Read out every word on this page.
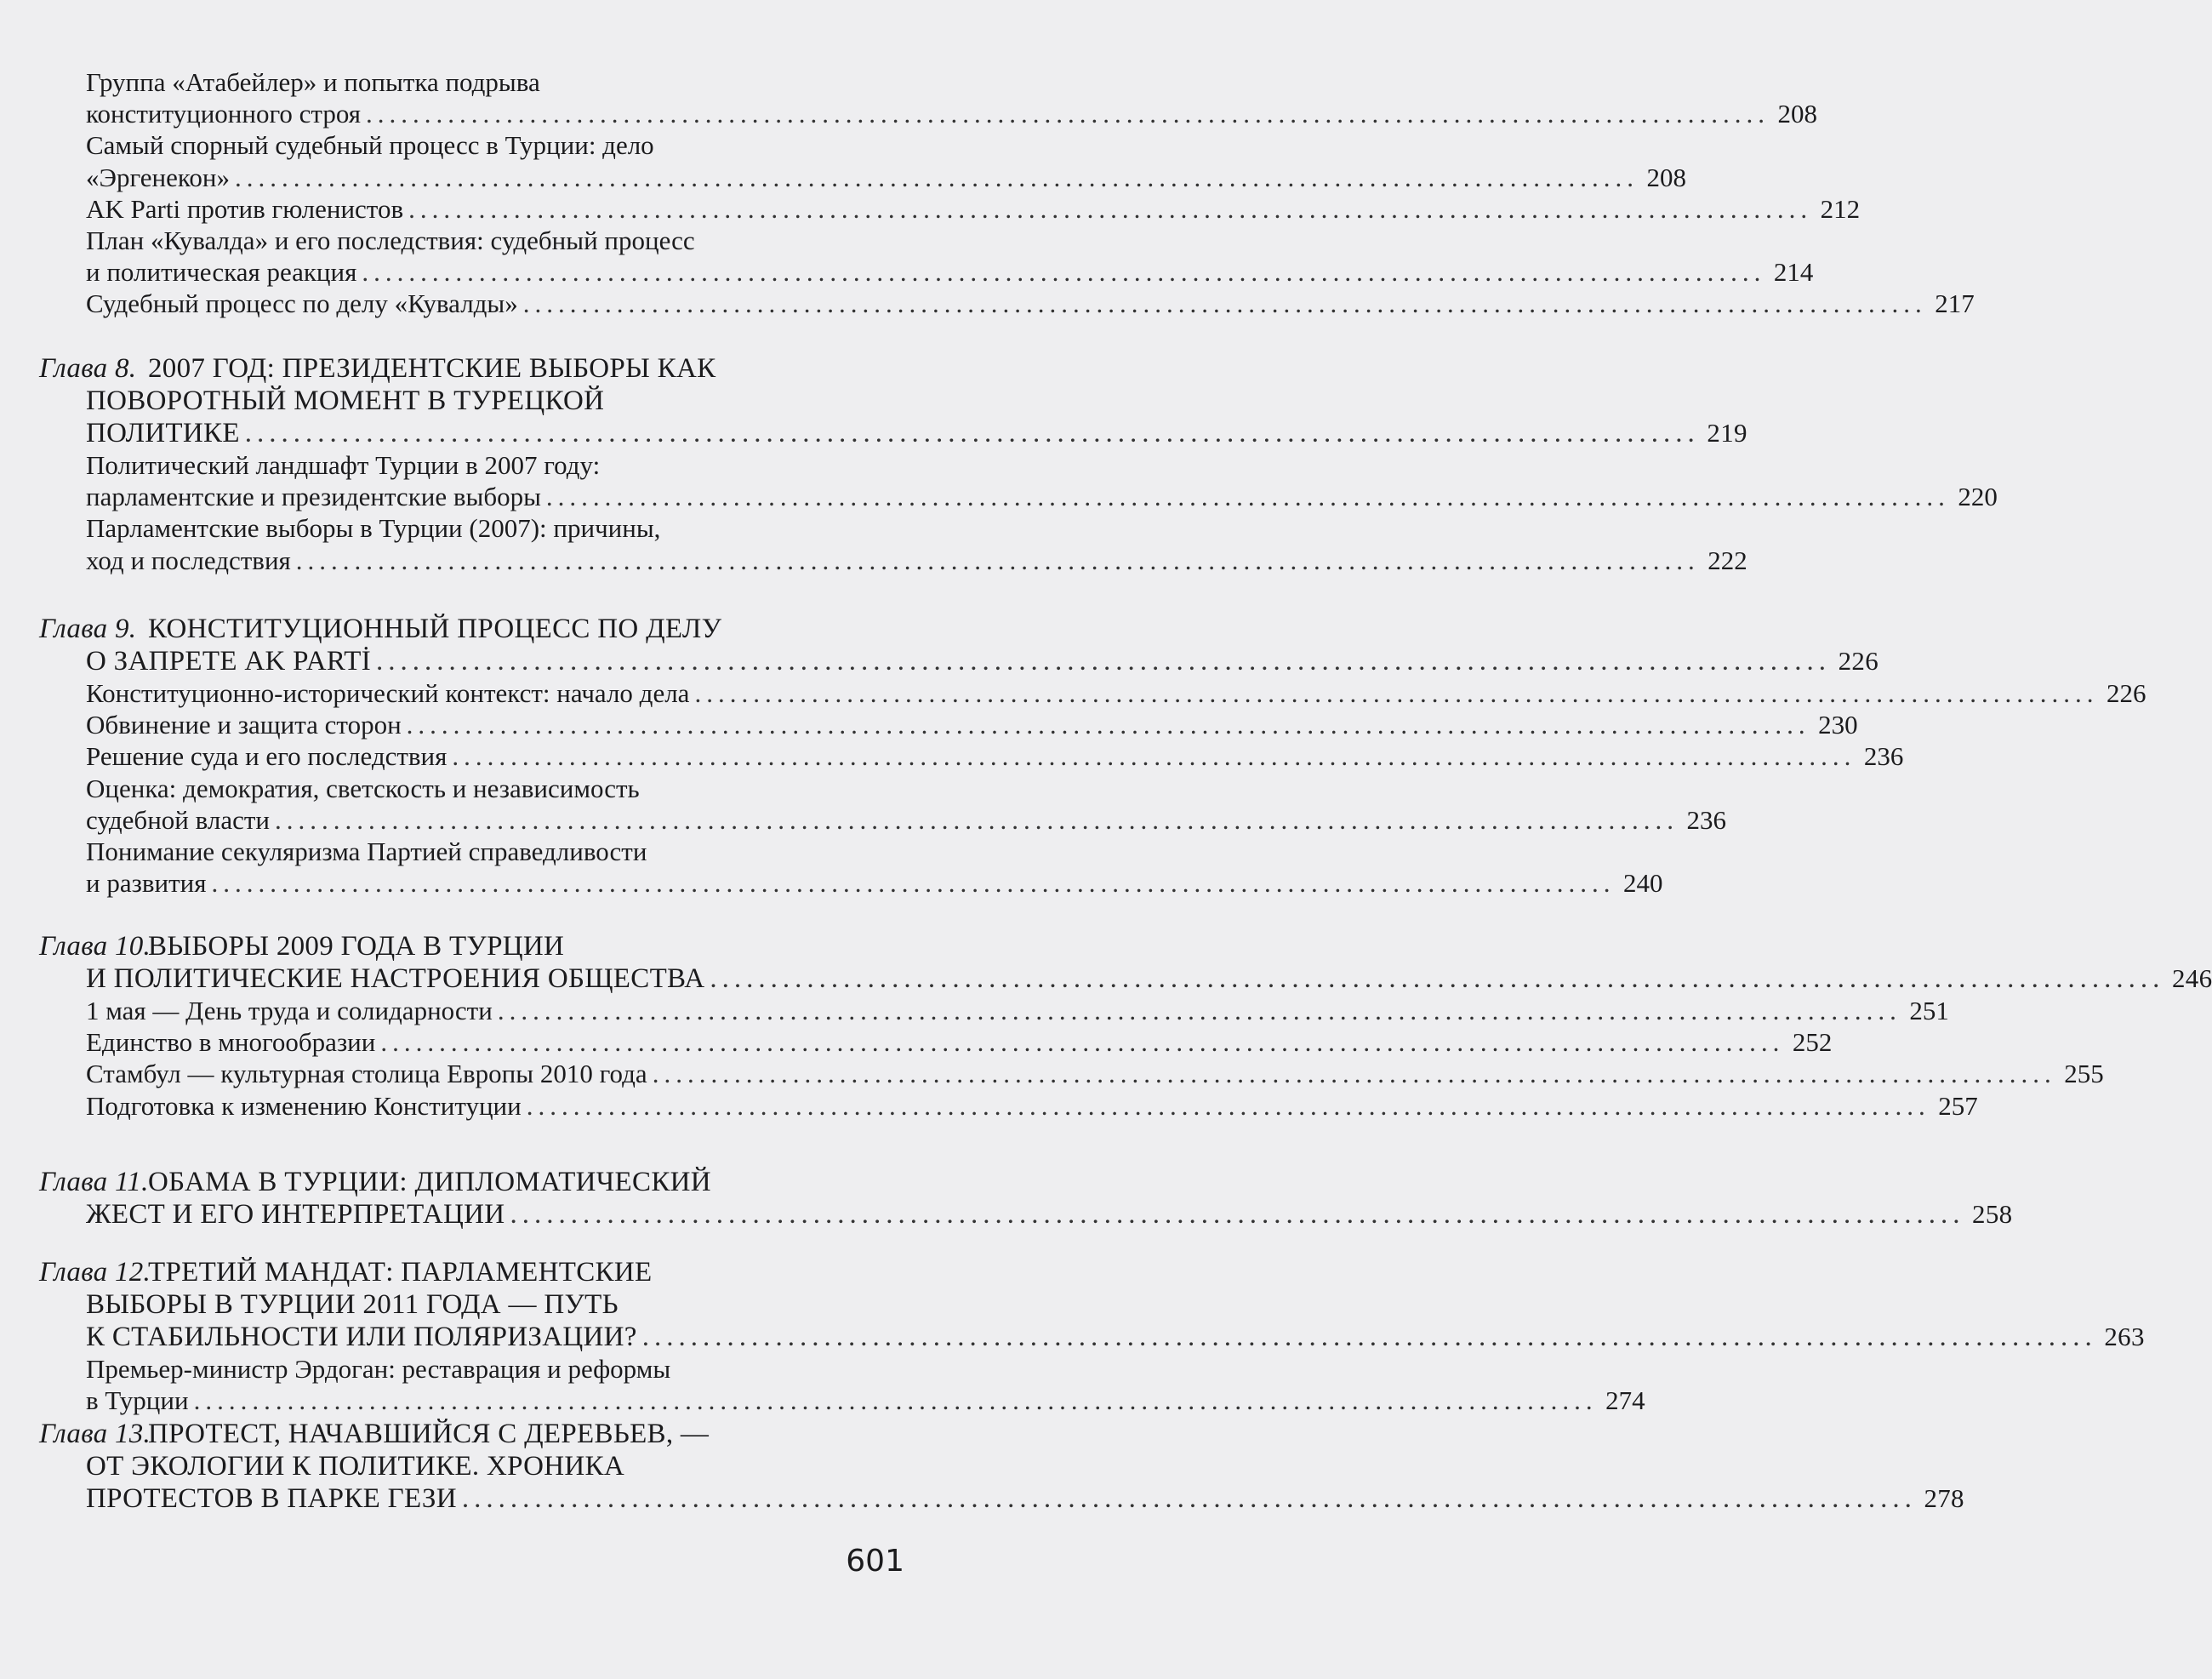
Группа «Атабейлер» и попытка подрыва
конституционного строя ........................................................................................................................ 208
Самый спорный судебный процесс в Турции: дело
«Эргенекон» ........................................................................................................................ 208
AK Parti против гюленистов ........................................................................................................................ 212
План «Кувалда» и его последствия: судебный процесс
и политическая реакция ........................................................................................................................ 214
Судебный процесс по делу «Кувалды» ........................................................................................................................ 217
Глава 8. 2007 ГОД: ПРЕЗИДЕНТСКИЕ ВЫБОРЫ КАК
ПОВОРОТНЫЙ МОМЕНТ В ТУРЕЦКОЙ
ПОЛИТИКЕ ........................................................................................................................ 219
Политический ландшафт Турции в 2007 году:
парламентские и президентские выборы ........................................................................................................................ 220
Парламентские выборы в Турции (2007): причины,
ход и последствия ........................................................................................................................ 222
Глава 9. КОНСТИТУЦИОННЫЙ ПРОЦЕСС ПО ДЕЛУ
О ЗАПРЕТЕ AK PARTİ ........................................................................................................................ 226
Конституционно-исторический контекст: начало дела ........................................................................................................................ 226
Обвинение и защита сторон ........................................................................................................................ 230
Решение суда и его последствия ........................................................................................................................ 236
Оценка: демократия, светскость и независимость
судебной власти ........................................................................................................................ 236
Понимание секуляризма Партией справедливости
и развития ........................................................................................................................ 240
Глава 10.ВЫБОРЫ 2009 ГОДА В ТУРЦИИ
И ПОЛИТИЧЕСКИЕ НАСТРОЕНИЯ ОБЩЕСТВА ........................................................................................................................ 246
1 мая — День труда и солидарности ........................................................................................................................ 251
Единство в многообразии ........................................................................................................................ 252
Стамбул — культурная столица Европы 2010 года ........................................................................................................................ 255
Подготовка к изменению Конституции ........................................................................................................................ 257
Глава 11.ОБАМА В ТУРЦИИ: ДИПЛОМАТИЧЕСКИЙ
ЖЕСТ И ЕГО ИНТЕРПРЕТАЦИИ ........................................................................................................................ 258
Глава 12.ТРЕТИЙ МАНДАТ: ПАРЛАМЕНТСКИЕ
ВЫБОРЫ В ТУРЦИИ 2011 ГОДА — ПУТЬ
К СТАБИЛЬНОСТИ ИЛИ ПОЛЯРИЗАЦИИ? ........................................................................................................................ 263
Премьер-министр Эрдоган: реставрация и реформы
в Турции ........................................................................................................................ 274
Глава 13.ПРОТЕСТ, НАЧАВШИЙСЯ С ДЕРЕВЬЕВ, —
ОТ ЭКОЛОГИИ К ПОЛИТИКЕ. ХРОНИКА
ПРОТЕСТОВ В ПАРКЕ ГЕЗИ ........................................................................................................................ 278
601
